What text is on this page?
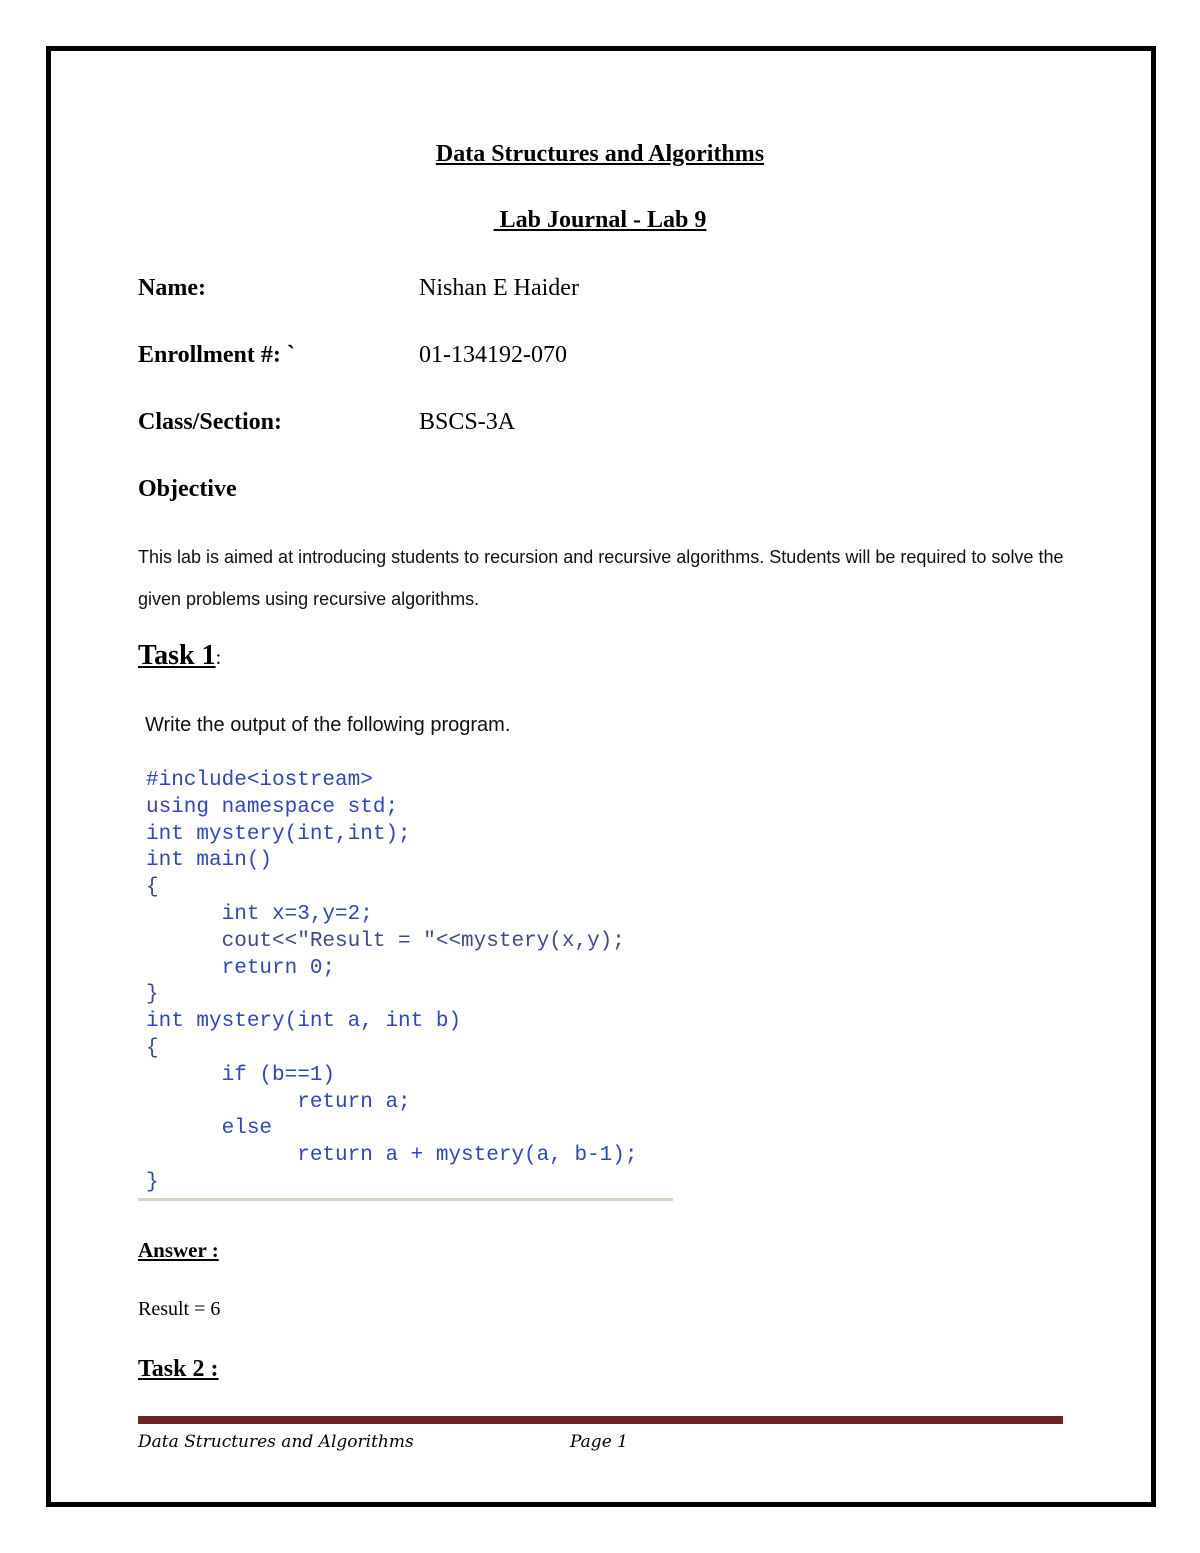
Data Structures and Algorithms
Lab Journal - Lab 9
Name:	Nishan E Haider
Enrollment #: `	01-134192-070
Class/Section:	BSCS-3A
Objective
This lab is aimed at introducing students to recursion and recursive algorithms. Students will be required to solve the given problems using recursive algorithms.
Task 1:
Write the output of the following program.
#include<iostream>
using namespace std;
int mystery(int,int);
int main()
{
int x=3,y=2;
cout<<"Result = "<<mystery(x,y);
return 0;
}
int mystery(int a, int b)
{
if (b==1)
return a;
else
return a + mystery(a, b-1);
}
Answer :
Result = 6
Task 2 :
Data Structures and Algorithms	Page 1
